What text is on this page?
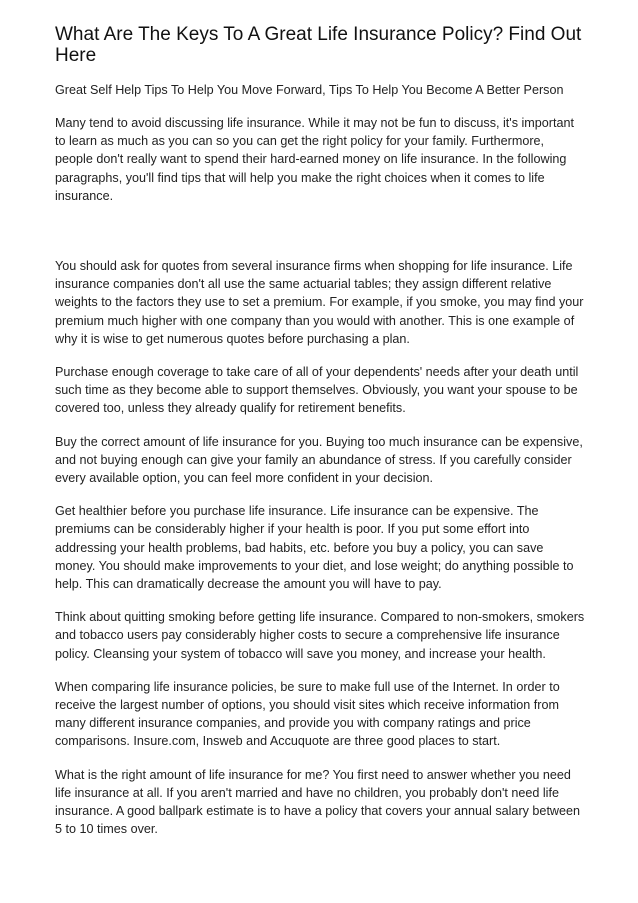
What Are The Keys To A Great Life Insurance Policy? Find Out Here

Great Self Help Tips To Help You Move Forward, Tips To Help You Become A Better Person

Many tend to avoid discussing life insurance. While it may not be fun to discuss, it's important to learn as much as you can so you can get the right policy for your family. Furthermore, people don't really want to spend their hard-earned money on life insurance. In the following paragraphs, you'll find tips that will help you make the right choices when it comes to life insurance.

You should ask for quotes from several insurance firms when shopping for life insurance. Life insurance companies don't all use the same actuarial tables; they assign different relative weights to the factors they use to set a premium. For example, if you smoke, you may find your premium much higher with one company than you would with another. This is one example of why it is wise to get numerous quotes before purchasing a plan.

Purchase enough coverage to take care of all of your dependents' needs after your death until such time as they become able to support themselves. Obviously, you want your spouse to be covered too, unless they already qualify for retirement benefits.

Buy the correct amount of life insurance for you. Buying too much insurance can be expensive, and not buying enough can give your family an abundance of stress. If you carefully consider every available option, you can feel more confident in your decision.

Get healthier before you purchase life insurance. Life insurance can be expensive. The premiums can be considerably higher if your health is poor. If you put some effort into addressing your health problems, bad habits, etc. before you buy a policy, you can save money. You should make improvements to your diet, and lose weight; do anything possible to help. This can dramatically decrease the amount you will have to pay.

Think about quitting smoking before getting life insurance. Compared to non-smokers, smokers and tobacco users pay considerably higher costs to secure a comprehensive life insurance policy. Cleansing your system of tobacco will save you money, and increase your health.

When comparing life insurance policies, be sure to make full use of the Internet. In order to receive the largest number of options, you should visit sites which receive information from many different insurance companies, and provide you with company ratings and price comparisons. Insure.com, Insweb and Accuquote are three good places to start.

What is the right amount of life insurance for me? You first need to answer whether you need life insurance at all. If you aren't married and have no children, you probably don't need life insurance. A good ballpark estimate is to have a policy that covers your annual salary between 5 to 10 times over.
